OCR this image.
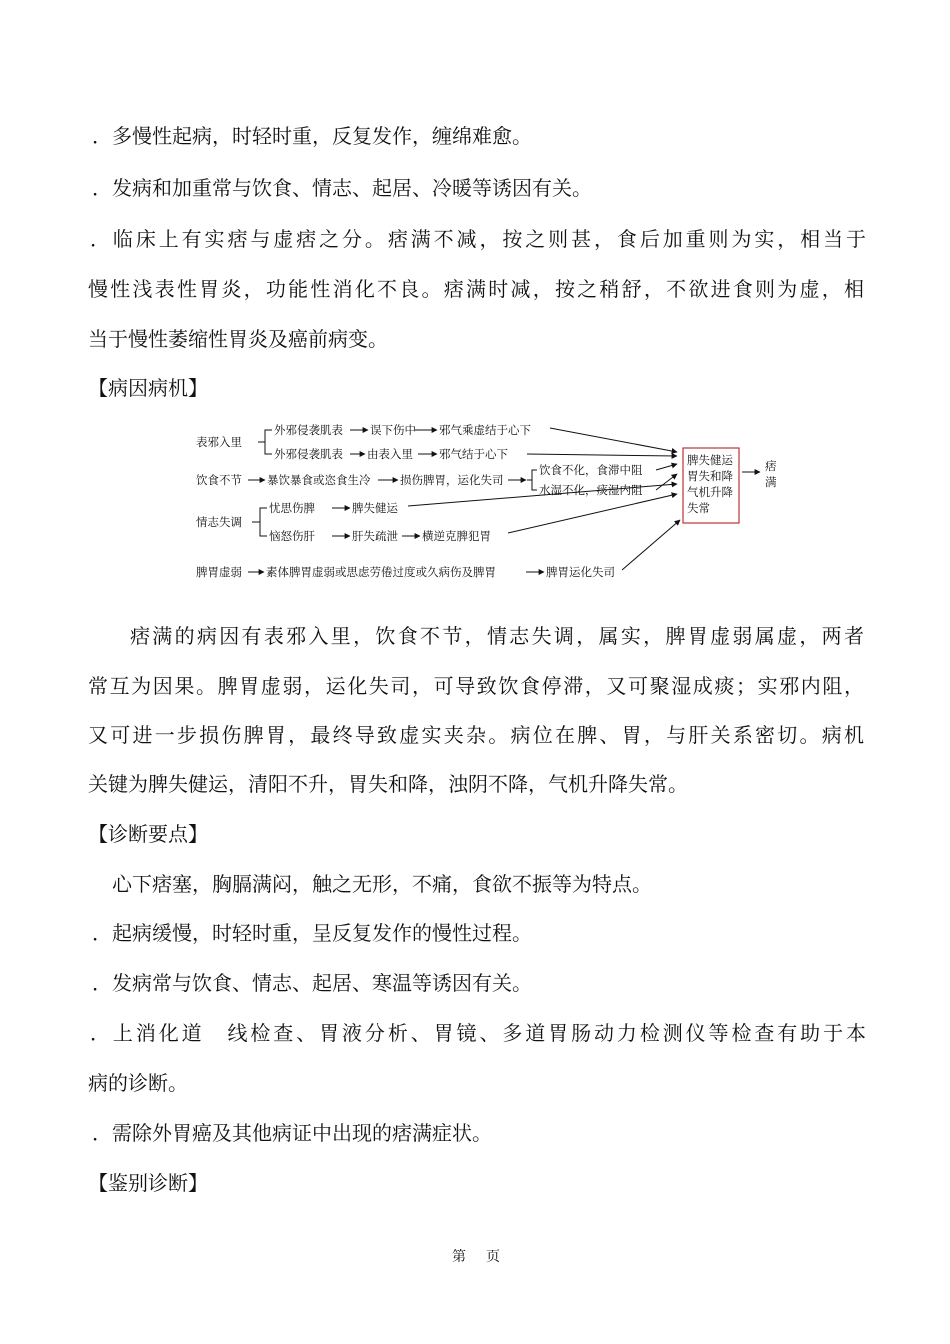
．多慢性起病，时轻时重，反复发作，缠绵难愈。
．发病和加重常与饮食、情志、起居、冷暖等诱因有关。
．临床上有实痞与虚痞之分。痞满不减，按之则甚，食后加重则为实，相当于
慢性浅表性胃炎，功能性消化不良。痞满时减，按之稍舒，不欲进食则为虚，相
当于慢性萎缩性胃炎及癌前病变。
【病因病机】
表邪入里
外邪侵袭肌表 误下伤中 邪气乘虚结于心下
外邪侵袭肌表 由表入里 邪气结于心下
饮食不节 暴饮暴食或恣食生冷	损伤脾胃，运化失司
饮食不化，食滞中阻
水湿不化，痰湿内阻
情志失调
忧思伤脾	脾失健运
恼怒伤肝	肝失疏泄 横逆克脾犯胃
脾胃虚弱 素体脾胃虚弱或思虑劳倦过度或久病伤及脾胃	脾胃运化失司
脾失健运
胃失和降
气机升降
失常
痞
满
痞满的病因有表邪入里，饮食不节，情志失调，属实，脾胃虚弱属虚，两者
常互为因果。脾胃虚弱，运化失司，可导致饮食停滞，又可聚湿成痰；实邪内阻，
又可进一步损伤脾胃，最终导致虚实夹杂。病位在脾、胃，与肝关系密切。病机
关键为脾失健运，清阳不升，胃失和降，浊阴不降，气机升降失常。
【诊断要点】
心下痞塞，胸膈满闷，触之无形，不痛，食欲不振等为特点。
．起病缓慢，时轻时重，呈反复发作的慢性过程。
．发病常与饮食、情志、起居、寒温等诱因有关。
．上消化道　线检查、胃液分析、胃镜、多道胃肠动力检测仪等检查有助于本
病的诊断。
．需除外胃癌及其他病证中出现的痞满症状。
【鉴别诊断】
第 页
